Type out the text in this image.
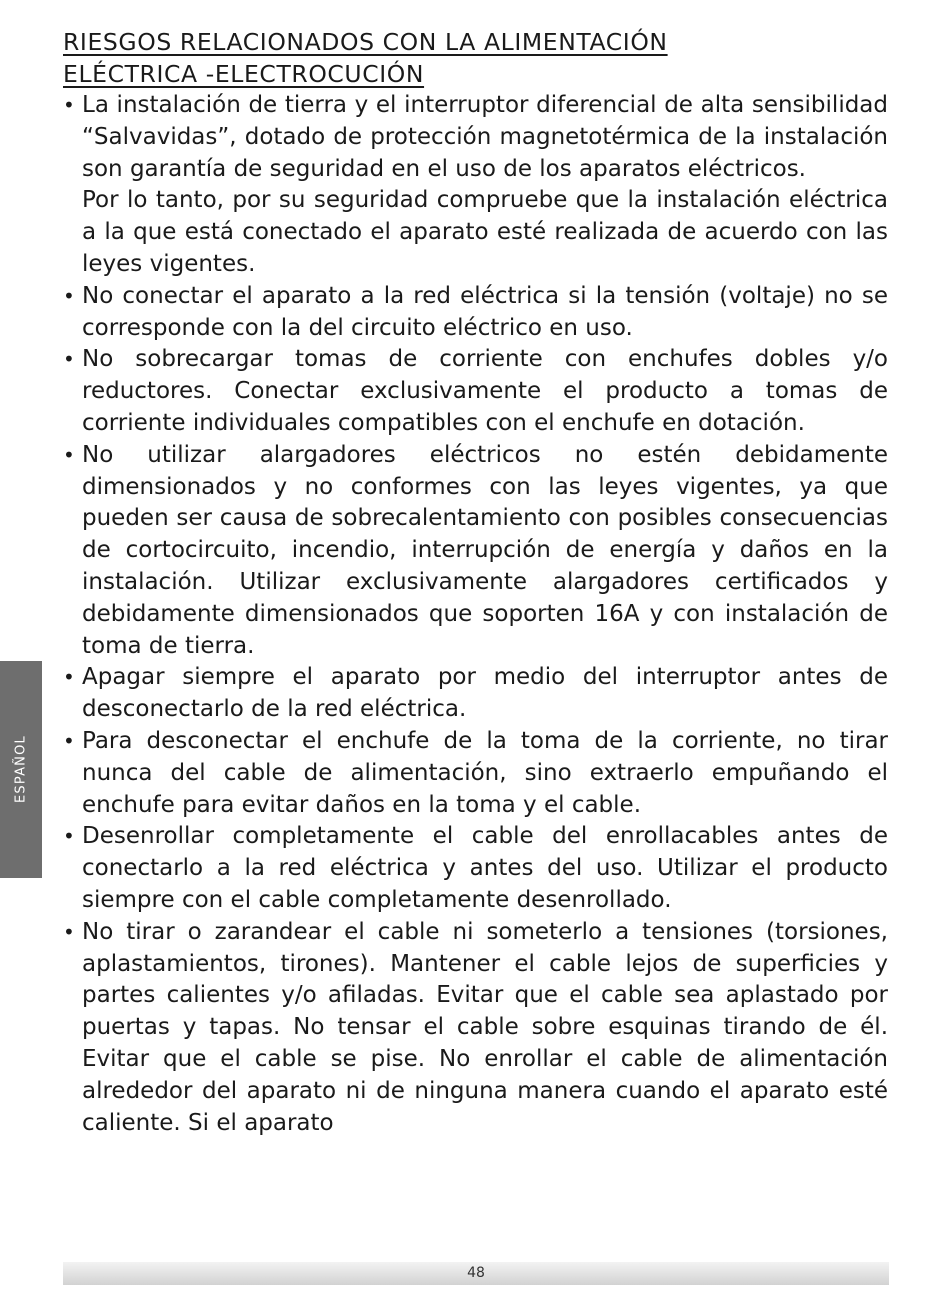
RIESGOS RELACIONADOS CON LA ALIMENTACIÓN
ELÉCTRICA -ELECTROCUCIÓN
• La instalación de tierra y el interruptor diferencial de alta sensibilidad “Salvavidas”, dotado de protección magnetotérmica de la instalación son garantía de seguridad en el uso de los aparatos eléctricos.

Por lo tanto, por su seguridad compruebe que la instalación eléctrica a la que está conectado el aparato esté realizada de acuerdo con las leyes vigentes.

• No conectar el aparato a la red eléctrica si la tensión (voltaje) no se corresponde con la del circuito eléctrico en uso.

• No sobrecargar tomas de corriente con enchufes dobles y/o reductores. Conectar exclusivamente el producto a tomas de corriente individuales compatibles con el enchufe en dotación.

• No utilizar alargadores eléctricos no estén debidamente dimensionados y no conformes con las leyes vigentes, ya que pueden ser causa de sobrecalentamiento con posibles consecuencias de cortocircuito, incendio, interrupción de energía y daños en la instalación. Utilizar exclusivamente alargadores certificados y debidamente dimensionados que soporten 16A y con instalación de toma de tierra.

• Apagar siempre el aparato por medio del interruptor antes de desconectarlo de la red eléctrica.

• Para desconectar el enchufe de la toma de la corriente, no tirar nunca del cable de alimentación, sino extraerlo empuñando el enchufe para evitar daños en la toma y el cable.

• Desenrollar completamente el cable del enrollacables antes de conectarlo a la red eléctrica y antes del uso. Utilizar el producto siempre con el cable completamente desenrollado.

• No tirar o zarandear el cable ni someterlo a tensiones (torsiones, aplastamientos, tirones). Mantener el cable lejos de superficies y partes calientes y/o afiladas. Evitar que el cable sea aplastado por puertas y tapas. No tensar el cable sobre esquinas tirando de él. Evitar que el cable se pise. No enrollar el cable de alimentación alrededor del aparato ni de ninguna manera cuando el aparato esté caliente. Si el aparato

ESPAÑOL
48
